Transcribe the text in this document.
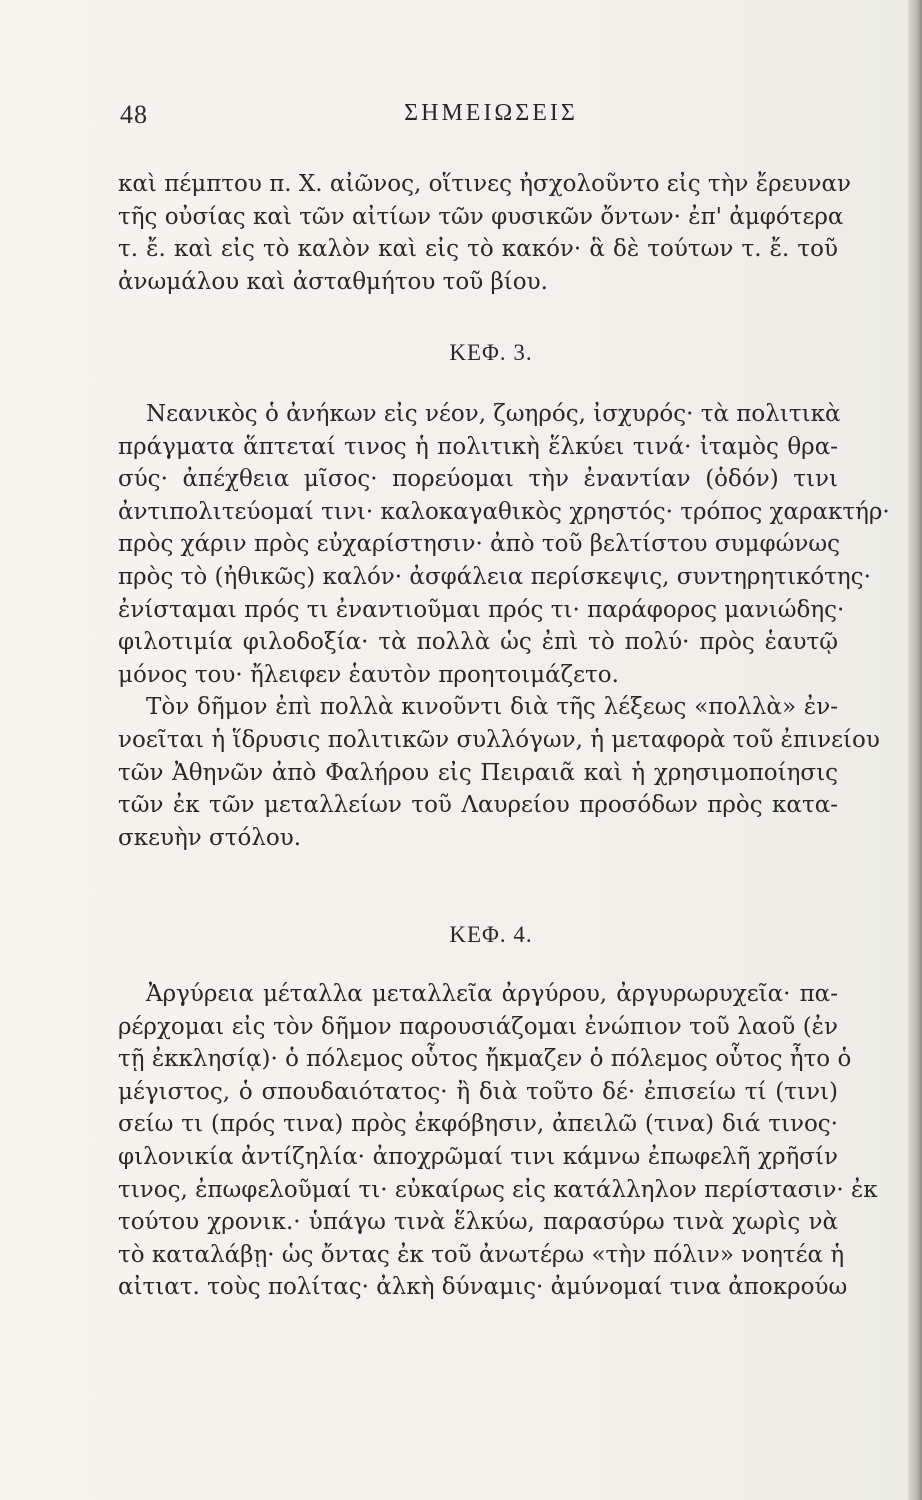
48	ΣΗΜΕΙΩΣΕΙΣ
καὶ πέμπτου π. Χ. αἰῶνος, οἵτινες ἠσχολοῦντο εἰς τὴν ἔρευναν
τῆς οὐσίας καὶ τῶν αἰτίων τῶν φυσικῶν ὄντων· ἐπ' ἀμφότερα
τ. ἔ. καὶ εἰς τὸ καλὸν καὶ εἰς τὸ κακόν· ἃ δὲ τούτων τ. ἔ. τοῦ
ἀνωμάλου καὶ ἀσταθμήτου τοῦ βίου.
ΚΕΦ. 3.
Νεανικὸς ὁ ἀνήκων εἰς νέον, ζωηρός, ἰσχυρός· τὰ πολιτικὰ
πράγματα ἅπτεταί τινος ἡ πολιτικὴ ἕλκύει τινά· ἰταμὸς θρα-
σύς· ἀπέχθεια μῖσος· πορεύομαι τὴν ἐναντίαν (ὁδόν) τινι
ἀντιπολιτεύομαί τινι· καλοκαγαθικὸς χρηστός· τρόπος χαρακτήρ·
πρὸς χάριν πρὸς εὐχαρίστησιν· ἀπὸ τοῦ βελτίστου συμφώνως
πρὸς τὸ (ἠθικῶς) καλόν· ἀσφάλεια περίσκεψις, συντηρητικότης·
ἐνίσταμαι πρός τι ἐναντιοῦμαι πρός τι· παράφορος μανιώδης·
φιλοτιμία φιλοδοξία· τὰ πολλὰ ὡς ἐπὶ τὸ πολύ· πρὸς ἑαυτῷ
μόνος του· ἤλειφεν ἑαυτὸν προητοιμάζετο.
Τὸν δῆμον ἐπὶ πολλὰ κινοῦντι διὰ τῆς λέξεως «πολλὰ» ἐν-
νοεῖται ἡ ἵδρυσις πολιτικῶν συλλόγων, ἡ μεταφορὰ τοῦ ἐπινείου
τῶν Ἀθηνῶν ἀπὸ Φαλήρου εἰς Πειραιᾶ καὶ ἡ χρησιμοποίησις
τῶν ἐκ τῶν μεταλλείων τοῦ Λαυρείου προσόδων πρὸς κατα-
σκευὴν στόλου.
ΚΕΦ. 4.
Ἀργύρεια μέταλλα μεταλλεῖα ἀργύρου, ἀργυρωρυχεῖα· πα-
ρέρχομαι εἰς τὸν δῆμον παρουσιάζομαι ἐνώπιον τοῦ λαοῦ (ἐν
τῇ ἐκκλησίᾳ)· ὁ πόλεμος οὗτος ἤκμαζεν ὁ πόλεμος οὗτος ἦτο ὁ
μέγιστος, ὁ σπουδαιότατος· ἢ διὰ τοῦτο δέ· ἐπισείω τί (τινι)
σείω τι (πρός τινα) πρὸς ἐκφόβησιν, ἀπειλῶ (τινα) διά τινος·
φιλονικία ἀντίζηλία· ἀποχρῶμαί τινι κάμνω ἐπωφελῆ χρῆσίν
τινος, ἐπωφελοῦμαί τι· εὐκαίρως εἰς κατάλληλον περίστασιν· ἐκ
τούτου χρονικ.· ὑπάγω τινὰ ἕλκύω, παρασύρω τινὰ χωρὶς νὰ
τὸ καταλάβῃ· ὡς ὄντας ἐκ τοῦ ἀνωτέρω «τὴν πόλιν» νοητέα ἡ
αἰτιατ. τοὺς πολίτας· ἀλκὴ δύναμις· ἀμύνομαί τινα ἀποκρούω
